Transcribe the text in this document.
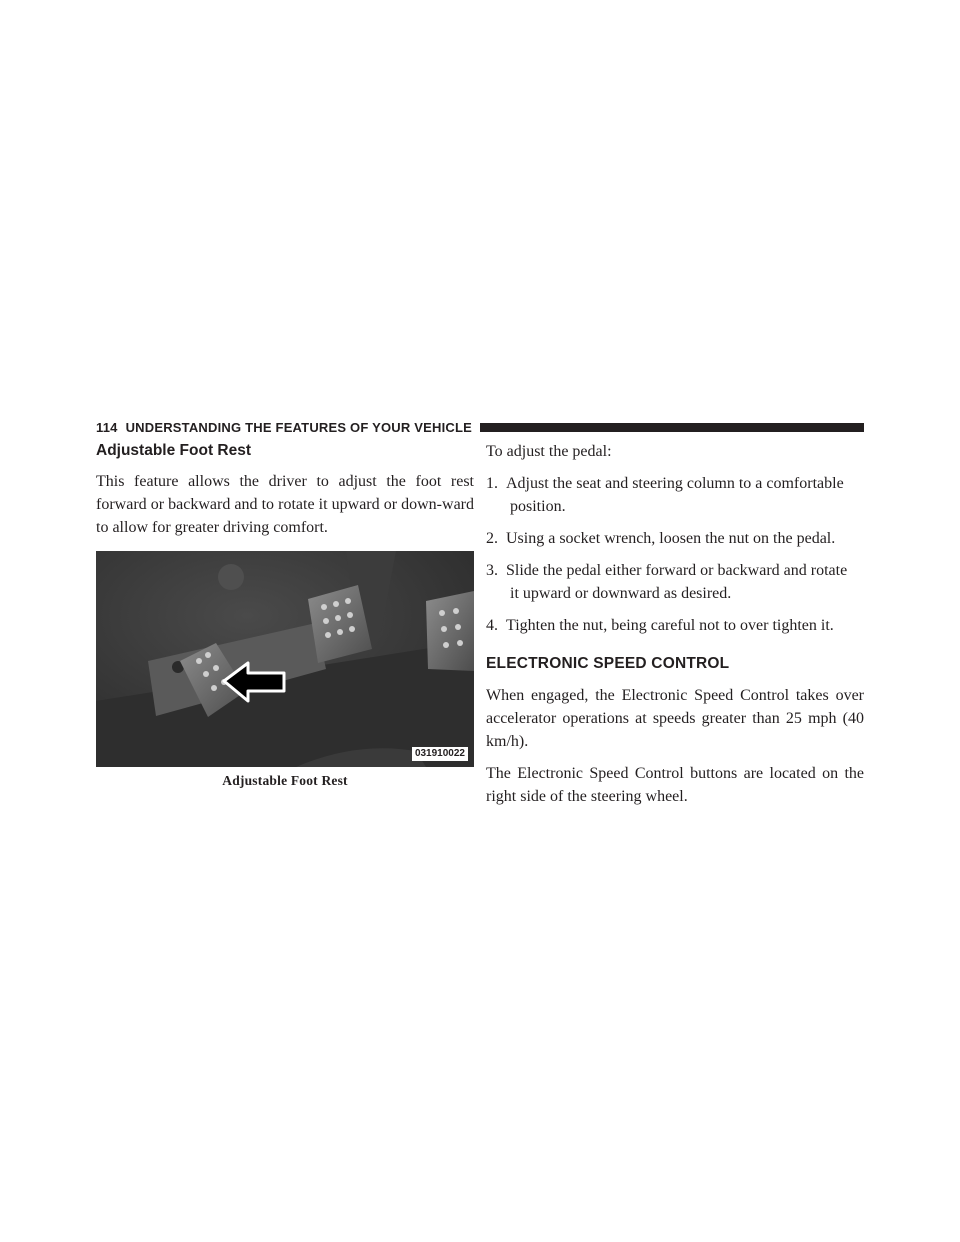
114 UNDERSTANDING THE FEATURES OF YOUR VEHICLE
Adjustable Foot Rest

This feature allows the driver to adjust the foot rest forward or backward and to rotate it upward or down-ward to allow for greater driving comfort.

031910022
Adjustable Foot Rest

To adjust the pedal:

1. Adjust the seat and steering column to a comfortable
position.
2. Using a socket wrench, loosen the nut on the pedal.
3. Slide the pedal either forward or backward and rotate
it upward or downward as desired.
4. Tighten the nut, being careful not to over tighten it.
ELECTRONIC SPEED CONTROL

When engaged, the Electronic Speed Control takes over accelerator operations at speeds greater than 25 mph (40 km/h).

The Electronic Speed Control buttons are located on the right side of the steering wheel.
